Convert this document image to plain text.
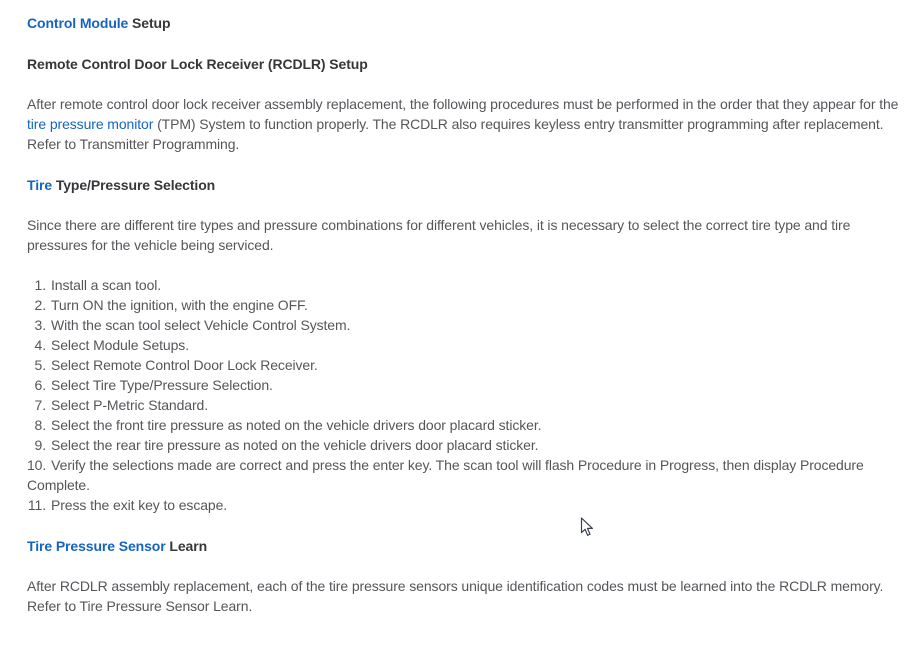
Control Module Setup
Remote Control Door Lock Receiver (RCDLR) Setup

After remote control door lock receiver assembly replacement, the following procedures must be performed in the order that they appear for the tire pressure monitor (TPM) System to function properly. The RCDLR also requires keyless entry transmitter programming after replacement. Refer to Transmitter Programming.

Tire Type/Pressure Selection

Since there are different tire types and pressure combinations for different vehicles, it is necessary to select the correct tire type and tire pressures for the vehicle being serviced.

1. Install a scan tool.
2. Turn ON the ignition, with the engine OFF.
3. With the scan tool select Vehicle Control System.
4. Select Module Setups.
5. Select Remote Control Door Lock Receiver.
6. Select Tire Type/Pressure Selection.
7. Select P-Metric Standard.
8. Select the front tire pressure as noted on the vehicle drivers door placard sticker.
9. Select the rear tire pressure as noted on the vehicle drivers door placard sticker.
10. Verify the selections made are correct and press the enter key. The scan tool will flash Procedure in Progress, then display Procedure Complete.
11. Press the exit key to escape.
Tire Pressure Sensor Learn

After RCDLR assembly replacement, each of the tire pressure sensors unique identification codes must be learned into the RCDLR memory. Refer to Tire Pressure Sensor Learn.
